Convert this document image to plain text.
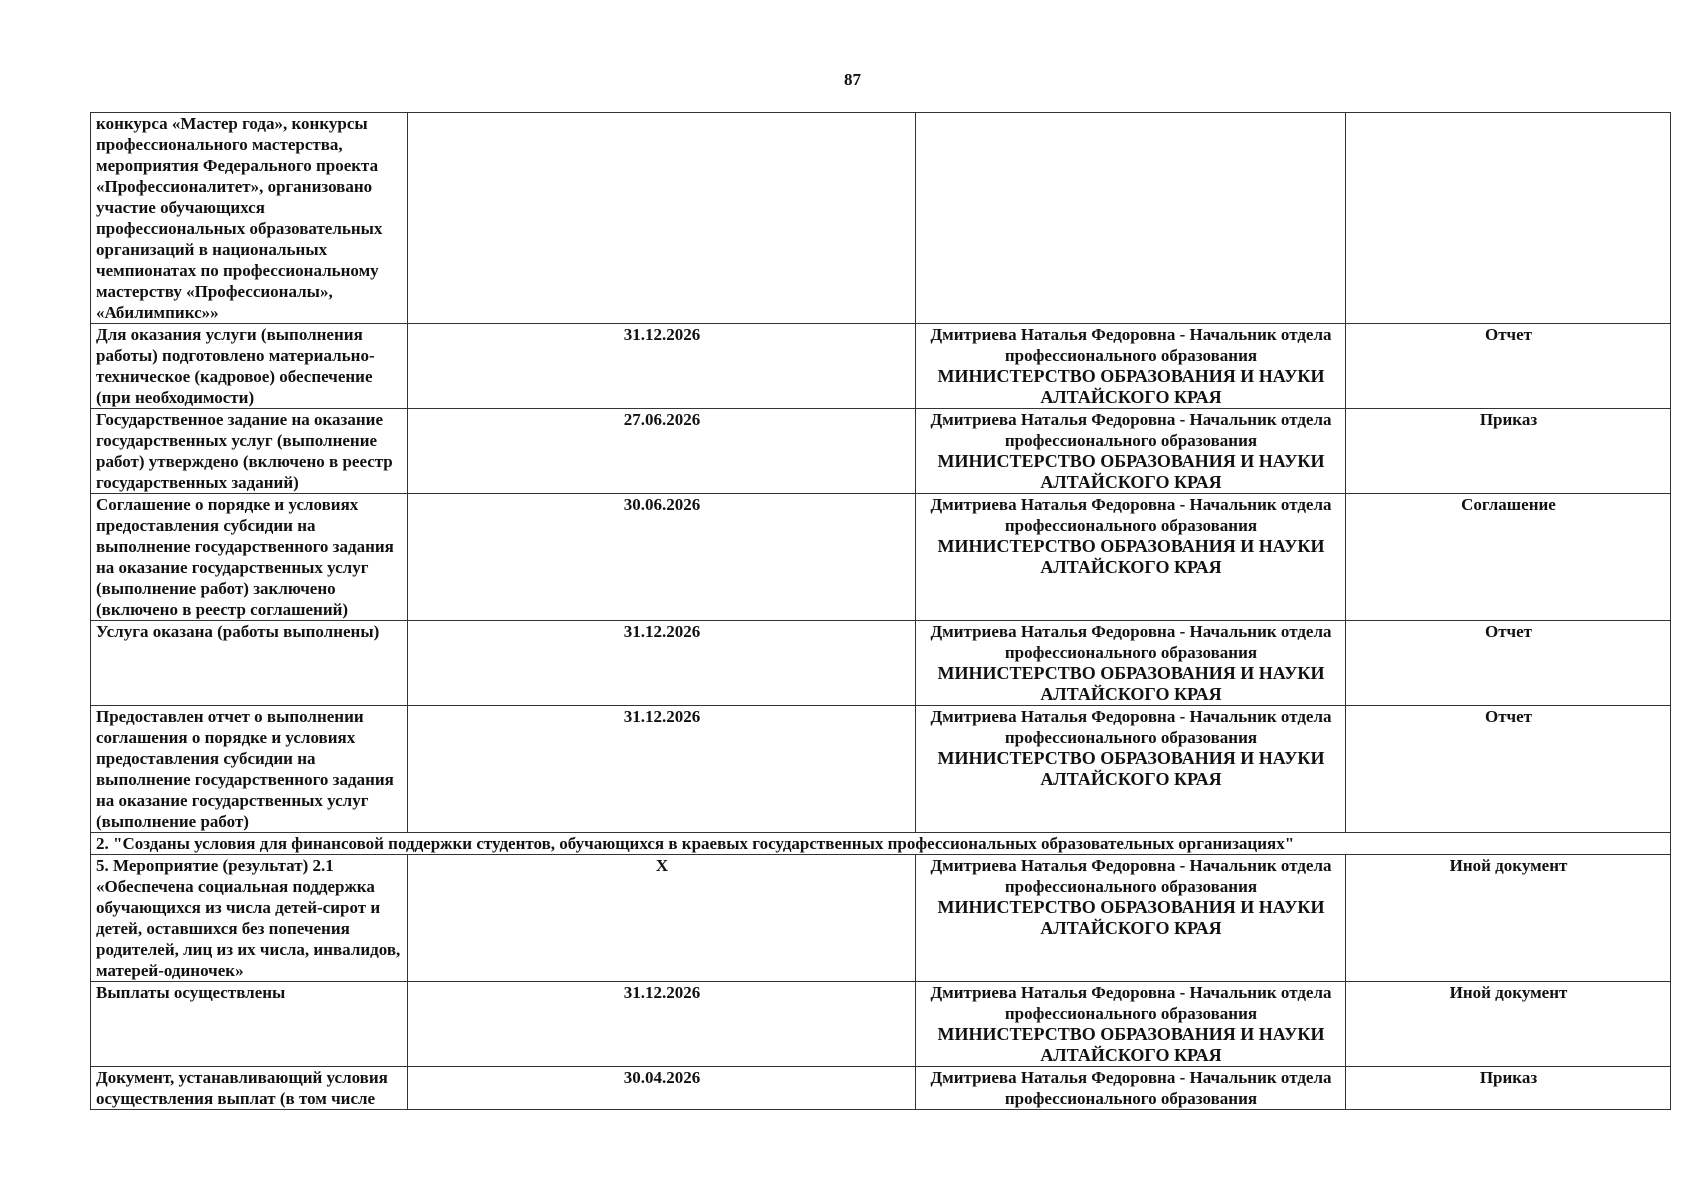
87
конкурса «Мастер года», конкурсы профессионального мастерства, мероприятия Федерального проекта «Профессионалитет», организовано участие обучающихся профессиональных образовательных организаций в национальных чемпионатах по профессиональному мастерству «Профессионалы», «Абилимпикс»»		

Для оказания услуги (выполнения работы) подготовлено материально-техническое (кадровое) обеспечение (при необходимости)	31.12.2026	Дмитриева Наталья Федоровна - Начальник отдела
профессионального образования
МИНИСТЕРСТВО ОБРАЗОВАНИЯ И НАУКИ АЛТАЙСКОГО КРАЯ	Отчет
Государственное задание на оказание государственных услуг (выполнение работ) утверждено (включено в реестр государственных заданий)	27.06.2026	Дмитриева Наталья Федоровна - Начальник отдела
профессионального образования
МИНИСТЕРСТВО ОБРАЗОВАНИЯ И НАУКИ АЛТАЙСКОГО КРАЯ	Приказ
Соглашение о порядке и условиях предоставления субсидии на выполнение государственного задания на оказание государственных услуг (выполнение работ) заключено (включено в реестр соглашений)	30.06.2026	Дмитриева Наталья Федоровна - Начальник отдела
профессионального образования
МИНИСТЕРСТВО ОБРАЗОВАНИЯ И НАУКИ АЛТАЙСКОГО КРАЯ	Соглашение
Услуга оказана (работы выполнены)	31.12.2026	Дмитриева Наталья Федоровна - Начальник отдела
профессионального образования
МИНИСТЕРСТВО ОБРАЗОВАНИЯ И НАУКИ АЛТАЙСКОГО КРАЯ	Отчет
Предоставлен отчет о выполнении соглашения о порядке и условиях предоставления субсидии на выполнение государственного задания на оказание государственных услуг (выполнение работ)	31.12.2026	Дмитриева Наталья Федоровна - Начальник отдела
профессионального образования
МИНИСТЕРСТВО ОБРАЗОВАНИЯ И НАУКИ АЛТАЙСКОГО КРАЯ	Отчет
2. "Созданы условия для финансовой поддержки студентов, обучающихся в краевых государственных профессиональных образовательных организациях"			
5. Мероприятие (результат) 2.1 «Обеспечена социальная поддержка обучающихся из числа детей-сирот и детей, оставшихся без попечения родителей, лиц из их числа, инвалидов, матерей-одиночек»	X	Дмитриева Наталья Федоровна - Начальник отдела
профессионального образования
МИНИСТЕРСТВО ОБРАЗОВАНИЯ И НАУКИ АЛТАЙСКОГО КРАЯ	Иной документ
Выплаты осуществлены	31.12.2026	Дмитриева Наталья Федоровна - Начальник отдела
профессионального образования
МИНИСТЕРСТВО ОБРАЗОВАНИЯ И НАУКИ АЛТАЙСКОГО КРАЯ	Иной документ
Документ, устанавливающий условия осуществления выплат (в том числе	30.04.2026	Дмитриева Наталья Федоровна - Начальник отдела
профессионального образования	Приказ
